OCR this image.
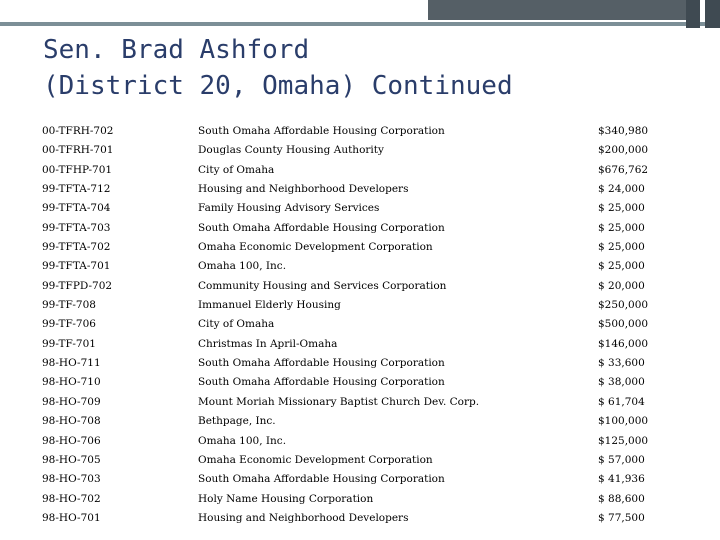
Sen. Brad Ashford
(District 20, Omaha) Continued
00-TFRH-702	South Omaha Affordable Housing Corporation	$340,980
00-TFRH-701	Douglas County Housing Authority	$200,000
00-TFHP-701	City of Omaha	$676,762
99-TFTA-712	Housing and Neighborhood Developers	$ 24,000
99-TFTA-704	Family Housing Advisory Services	$ 25,000
99-TFTA-703	South Omaha Affordable Housing Corporation	$ 25,000
99-TFTA-702	Omaha Economic Development Corporation	$ 25,000
99-TFTA-701	Omaha 100, Inc.	$ 25,000
99-TFPD-702	Community Housing and Services Corporation	$ 20,000
99-TF-708	Immanuel Elderly Housing	$250,000
99-TF-706	City of Omaha	$500,000
99-TF-701	Christmas In April-Omaha	$146,000
98-HO-711	South Omaha Affordable Housing Corporation	$ 33,600
98-HO-710	South Omaha Affordable Housing Corporation	$ 38,000
98-HO-709	Mount Moriah Missionary Baptist Church Dev. Corp.	$ 61,704
98-HO-708	Bethpage, Inc.	$100,000
98-HO-706	Omaha 100, Inc.	$125,000
98-HO-705	Omaha Economic Development Corporation	$ 57,000
98-HO-703	South Omaha Affordable Housing Corporation	$ 41,936
98-HO-702	Holy Name Housing Corporation	$ 88,600
98-HO-701	Housing and Neighborhood Developers	$ 77,500
